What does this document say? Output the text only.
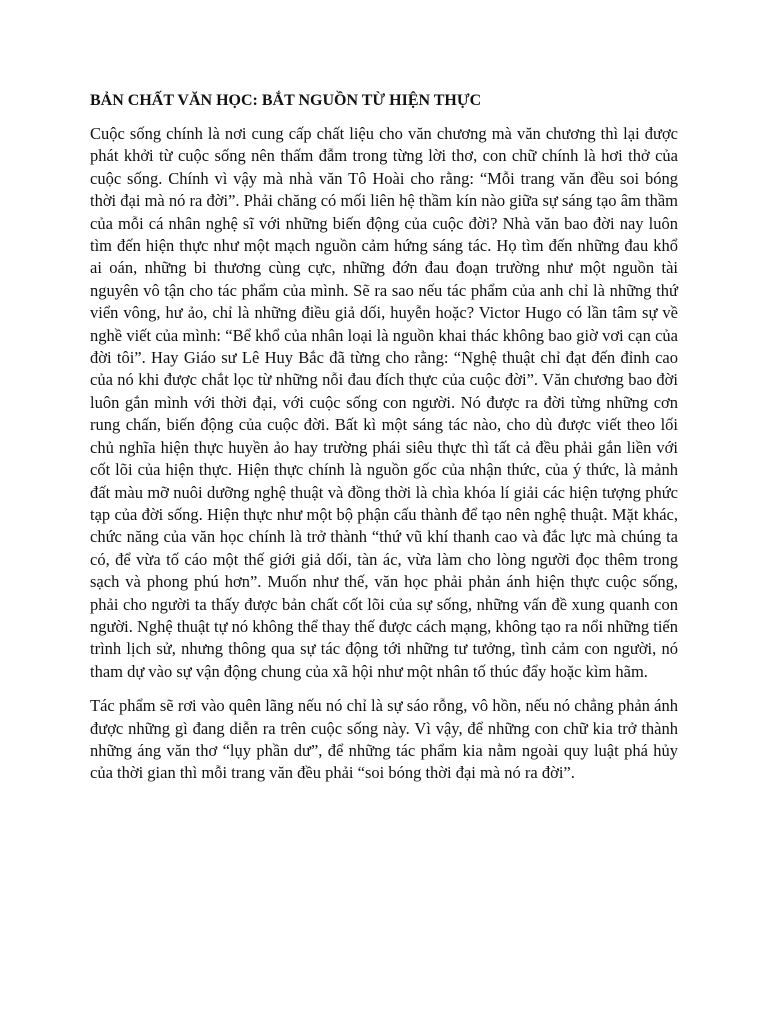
BẢN CHẤT VĂN HỌC: BẮT NGUỒN TỪ HIỆN THỰC

Cuộc sống chính là nơi cung cấp chất liệu cho văn chương mà văn chương thì lại được phát khởi từ cuộc sống nên thấm đẫm trong từng lời thơ, con chữ chính là hơi thở của cuộc sống. Chính vì vậy mà nhà văn Tô Hoài cho rằng: “Mỗi trang văn đều soi bóng thời đại mà nó ra đời”. Phải chăng có mối liên hệ thầm kín nào giữa sự sáng tạo âm thầm của mỗi cá nhân nghệ sĩ với những biến động của cuộc đời? Nhà văn bao đời nay luôn tìm đến hiện thực như một mạch nguồn cảm hứng sáng tác. Họ tìm đến những đau khổ ai oán, những bi thương cùng cực, những đớn đau đoạn trường như một nguồn tài nguyên vô tận cho tác phẩm của mình. Sẽ ra sao nếu tác phẩm của anh chỉ là những thứ viển vông, hư ảo, chỉ là những điều giả dối, huyễn hoặc? Victor Hugo có lần tâm sự về nghề viết của mình: “Bể khổ của nhân loại là nguồn khai thác không bao giờ vơi cạn của đời tôi”. Hay Giáo sư Lê Huy Bắc đã từng cho rằng: “Nghệ thuật chỉ đạt đến đỉnh cao của nó khi được chắt lọc từ những nỗi đau đích thực của cuộc đời”. Văn chương bao đời luôn gắn mình với thời đại, với cuộc sống con người. Nó được ra đời từng những cơn rung chấn, biến động của cuộc đời. Bất kì một sáng tác nào, cho dù được viết theo lối chủ nghĩa hiện thực huyền ảo hay trường phái siêu thực thì tất cả đều phải gắn liền với cốt lõi của hiện thực. Hiện thực chính là nguồn gốc của nhận thức, của ý thức, là mảnh đất màu mỡ nuôi dưỡng nghệ thuật và đồng thời là chìa khóa lí giải các hiện tượng phức tạp của đời sống. Hiện thực như một bộ phận cấu thành để tạo nên nghệ thuật. Mặt khác, chức năng của văn học chính là trở thành “thứ vũ khí thanh cao và đắc lực mà chúng ta có, để vừa tố cáo một thế giới giả dối, tàn ác, vừa làm cho lòng người đọc thêm trong sạch và phong phú hơn”. Muốn như thế, văn học phải phản ánh hiện thực cuộc sống, phải cho người ta thấy được bản chất cốt lõi của sự sống, những vấn đề xung quanh con người. Nghệ thuật tự nó không thể thay thế được cách mạng, không tạo ra nổi những tiến trình lịch sử, nhưng thông qua sự tác động tới những tư tưởng, tình cảm con người, nó tham dự vào sự vận động chung của xã hội như một nhân tố thúc đẩy hoặc kìm hãm.

Tác phẩm sẽ rơi vào quên lãng nếu nó chỉ là sự sáo rỗng, vô hồn, nếu nó chẳng phản ánh được những gì đang diễn ra trên cuộc sống này. Vì vậy, để những con chữ kia trở thành những áng văn thơ “lụy phần dư”, để những tác phẩm kia nằm ngoài quy luật phá hủy của thời gian thì mỗi trang văn đều phải “soi bóng thời đại mà nó ra đời”.
